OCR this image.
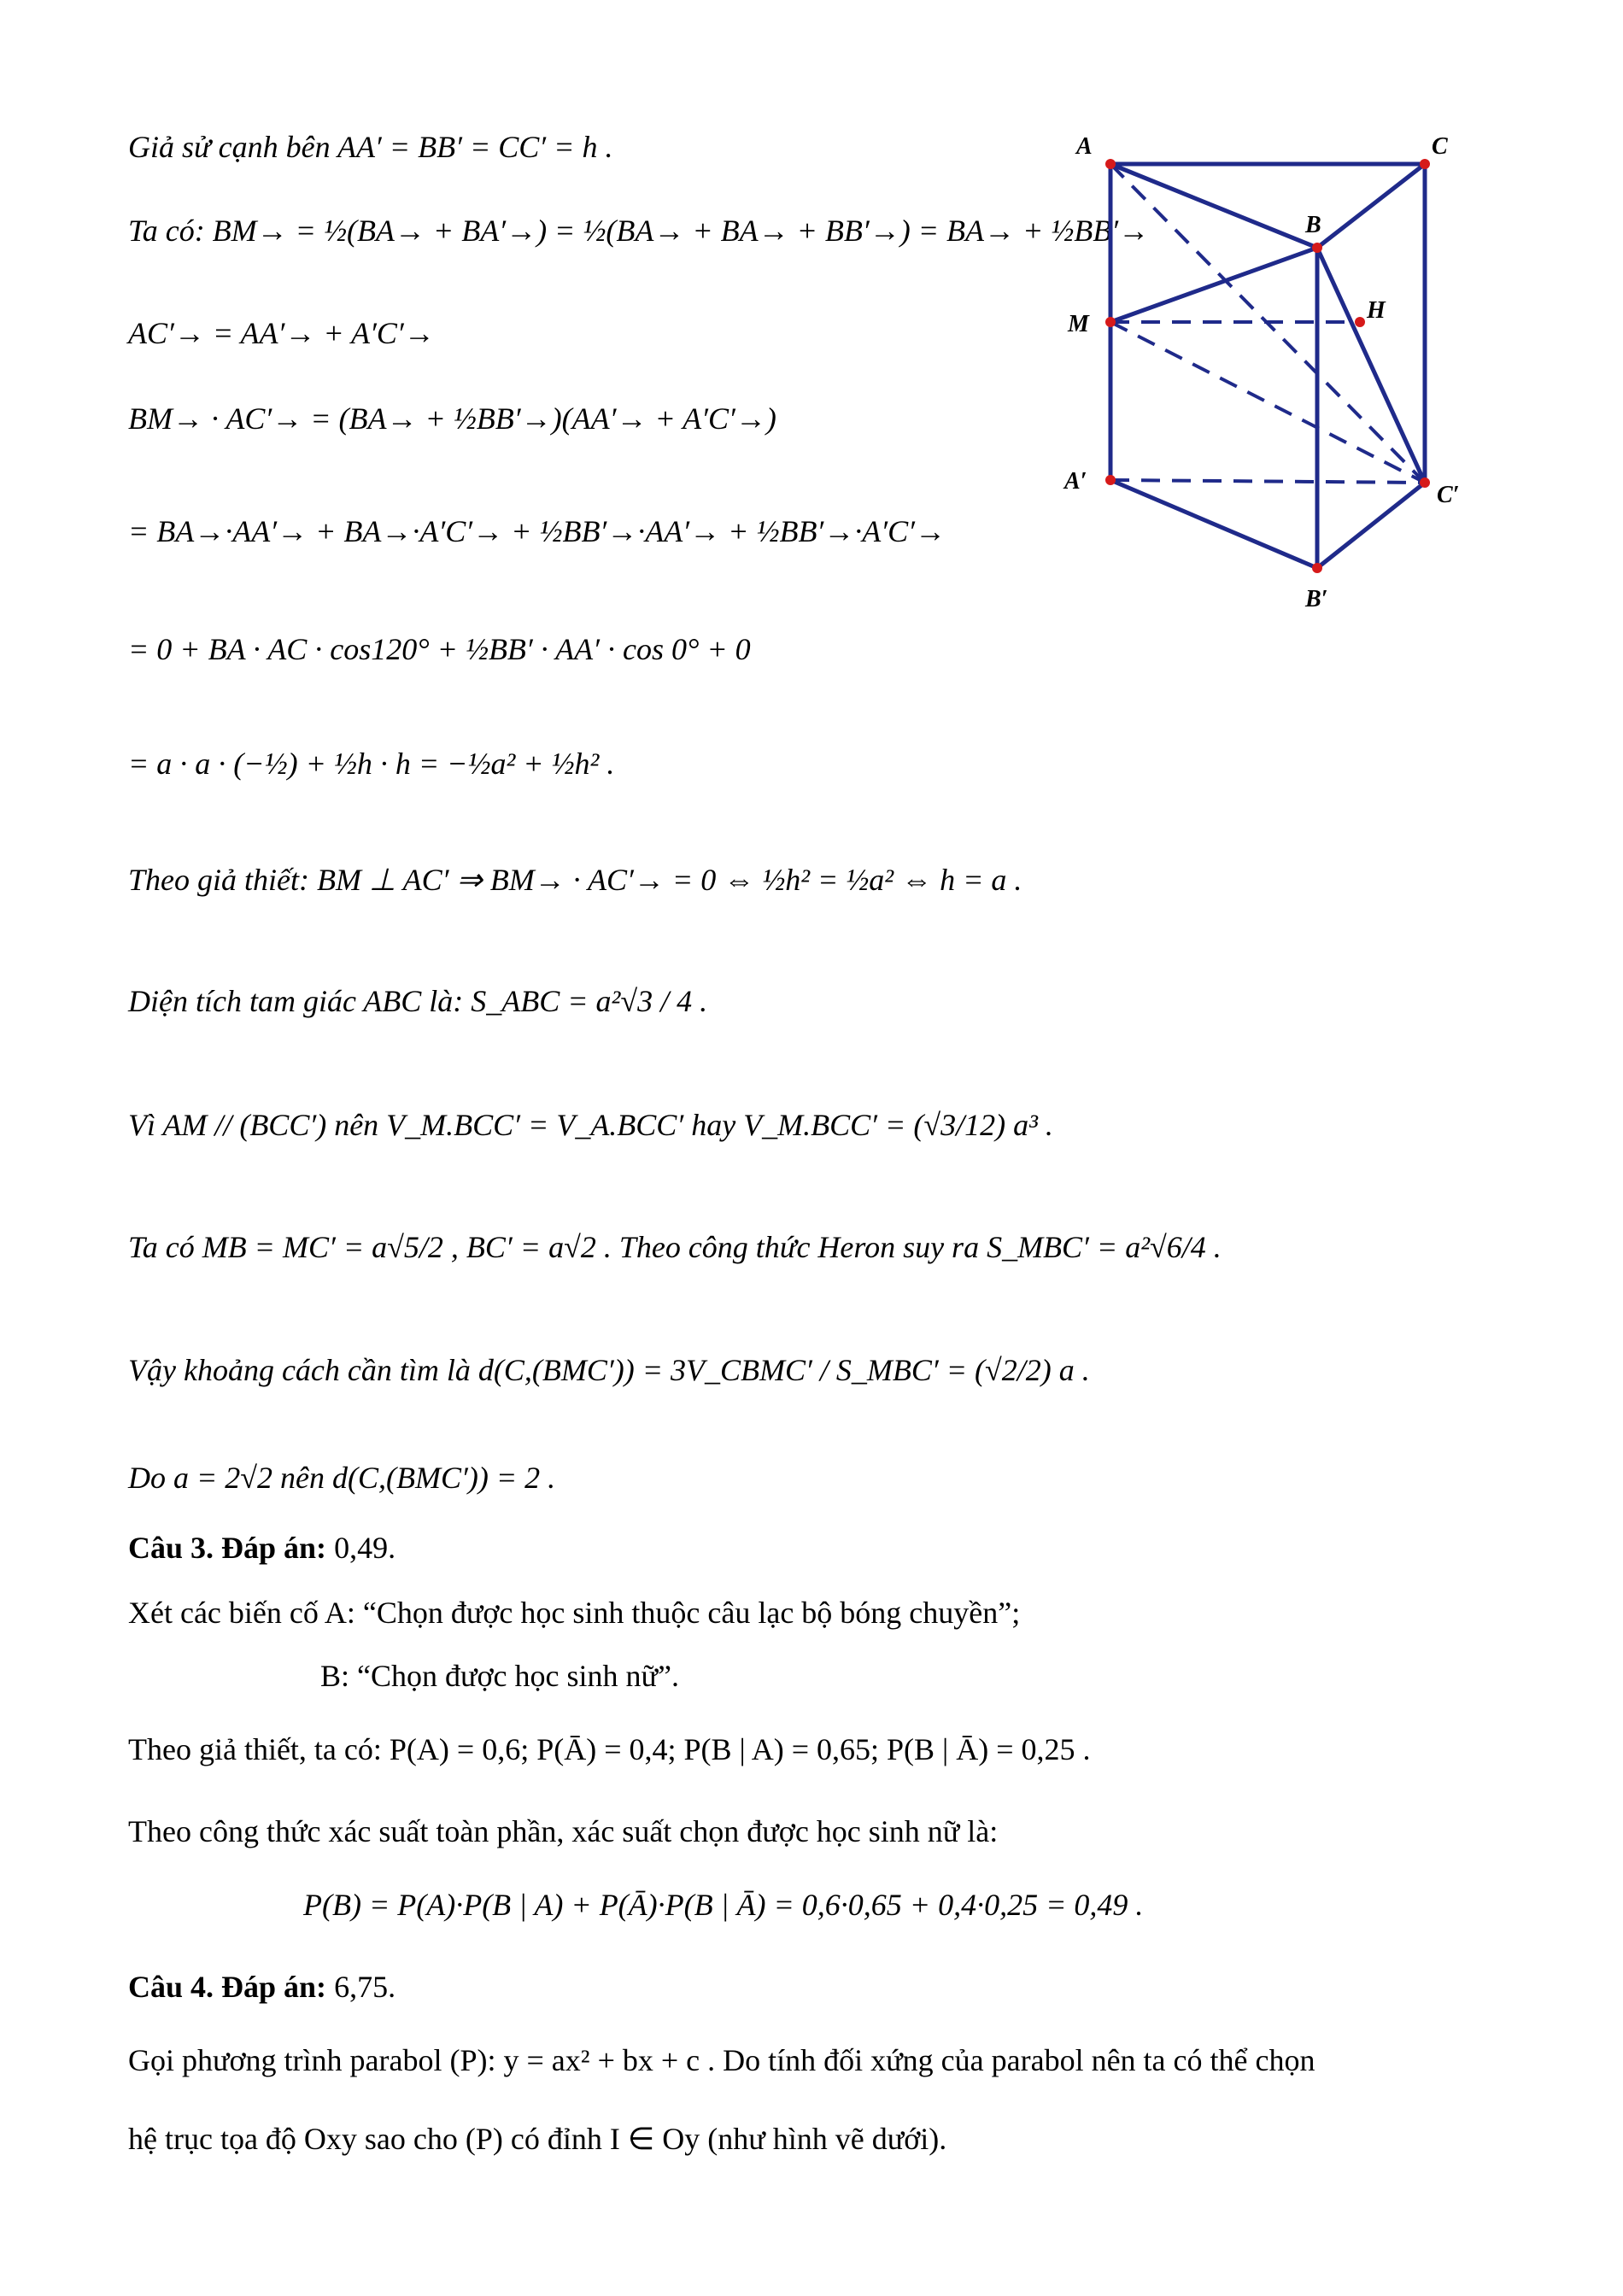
Giả sử cạnh bên AA′ = BB′ = CC′ = h .
Ta có: BM→ = ½(BA→ + BA′→) = ½(BA→ + BA→ + BB′→) = BA→ + ½BB′→
AC′→ = AA′→ + A′C′→
BM→ · AC′→ = (BA→ + ½BB′→)(AA′→ + A′C′→)
= BA→·AA′→ + BA→·A′C′→ + ½BB′→·AA′→ + ½BB′→·A′C′→
= 0 + BA · AC · cos120° + ½BB′ · AA′ · cos 0° + 0
= a · a · (−½) + ½h · h = −½a² + ½h² .
Theo giả thiết: BM ⊥ AC′ ⇒ BM→ · AC′→ = 0 ⇔ ½h² = ½a² ⇔ h = a .
Diện tích tam giác ABC là: S_ABC = a²√3 / 4 .
Vì AM // (BCC′) nên V_M.BCC′ = V_A.BCC′ hay V_M.BCC′ = (√3/12) a³ .
Ta có MB = MC′ = a√5/2 , BC′ = a√2 . Theo công thức Heron suy ra S_MBC′ = a²√6/4 .
Vậy khoảng cách cần tìm là d(C,(BMC′)) = 3V_CBMC′ / S_MBC′ = (√2/2) a .
Do a = 2√2 nên d(C,(BMC′)) = 2 .
Câu 3. Đáp án: 0,49.
Xét các biến cố A: “Chọn được học sinh thuộc câu lạc bộ bóng chuyền”;
B: “Chọn được học sinh nữ”.
Theo giả thiết, ta có: P(A) = 0,6; P(Ā) = 0,4; P(B | A) = 0,65; P(B | Ā) = 0,25 .
Theo công thức xác suất toàn phần, xác suất chọn được học sinh nữ là:
P(B) = P(A)·P(B | A) + P(Ā)·P(B | Ā) = 0,6·0,65 + 0,4·0,25 = 0,49 .
Câu 4. Đáp án: 6,75.
Gọi phương trình parabol (P): y = ax² + bx + c . Do tính đối xứng của parabol nên ta có thể chọn
hệ trục tọa độ Oxy sao cho (P) có đỉnh I ∈ Oy (như hình vẽ dưới).
A	C
B
M
H
A′
C′
B′
